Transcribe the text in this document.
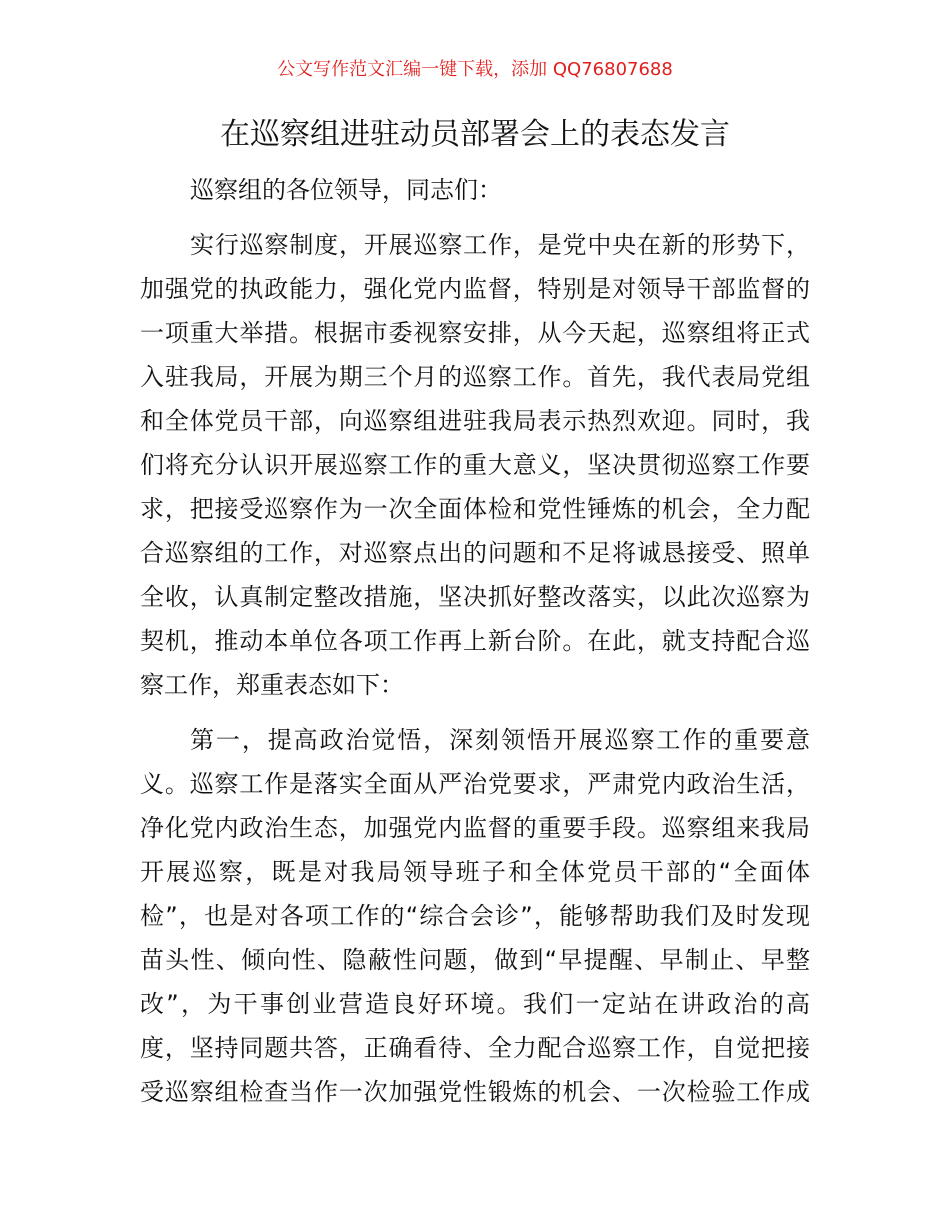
公文写作范文汇编一键下载，添加 QQ76807688
在巡察组进驻动员部署会上的表态发言
巡察组的各位领导，同志们：
实行巡察制度，开展巡察工作，是党中央在新的形势下，
加强党的执政能力，强化党内监督，特别是对领导干部监督的
一项重大举措。根据市委视察安排，从今天起，巡察组将正式
入驻我局，开展为期三个月的巡察工作。首先，我代表局党组
和全体党员干部，向巡察组进驻我局表示热烈欢迎。同时，我
们将充分认识开展巡察工作的重大意义，坚决贯彻巡察工作要
求，把接受巡察作为一次全面体检和党性锤炼的机会，全力配
合巡察组的工作，对巡察点出的问题和不足将诚恳接受、照单
全收，认真制定整改措施，坚决抓好整改落实，以此次巡察为
契机，推动本单位各项工作再上新台阶。在此，就支持配合巡
察工作，郑重表态如下：
第一，提高政治觉悟，深刻领悟开展巡察工作的重要意
义。巡察工作是落实全面从严治党要求，严肃党内政治生活，
净化党内政治生态，加强党内监督的重要手段。巡察组来我局
开展巡察，既是对我局领导班子和全体党员干部的“全面体
检”，也是对各项工作的“综合会诊”，能够帮助我们及时发现
苗头性、倾向性、隐蔽性问题，做到“早提醒、早制止、早整
改”，为干事创业营造良好环境。我们一定站在讲政治的高
度，坚持同题共答，正确看待、全力配合巡察工作，自觉把接
受巡察组检查当作一次加强党性锻炼的机会、一次检验工作成
